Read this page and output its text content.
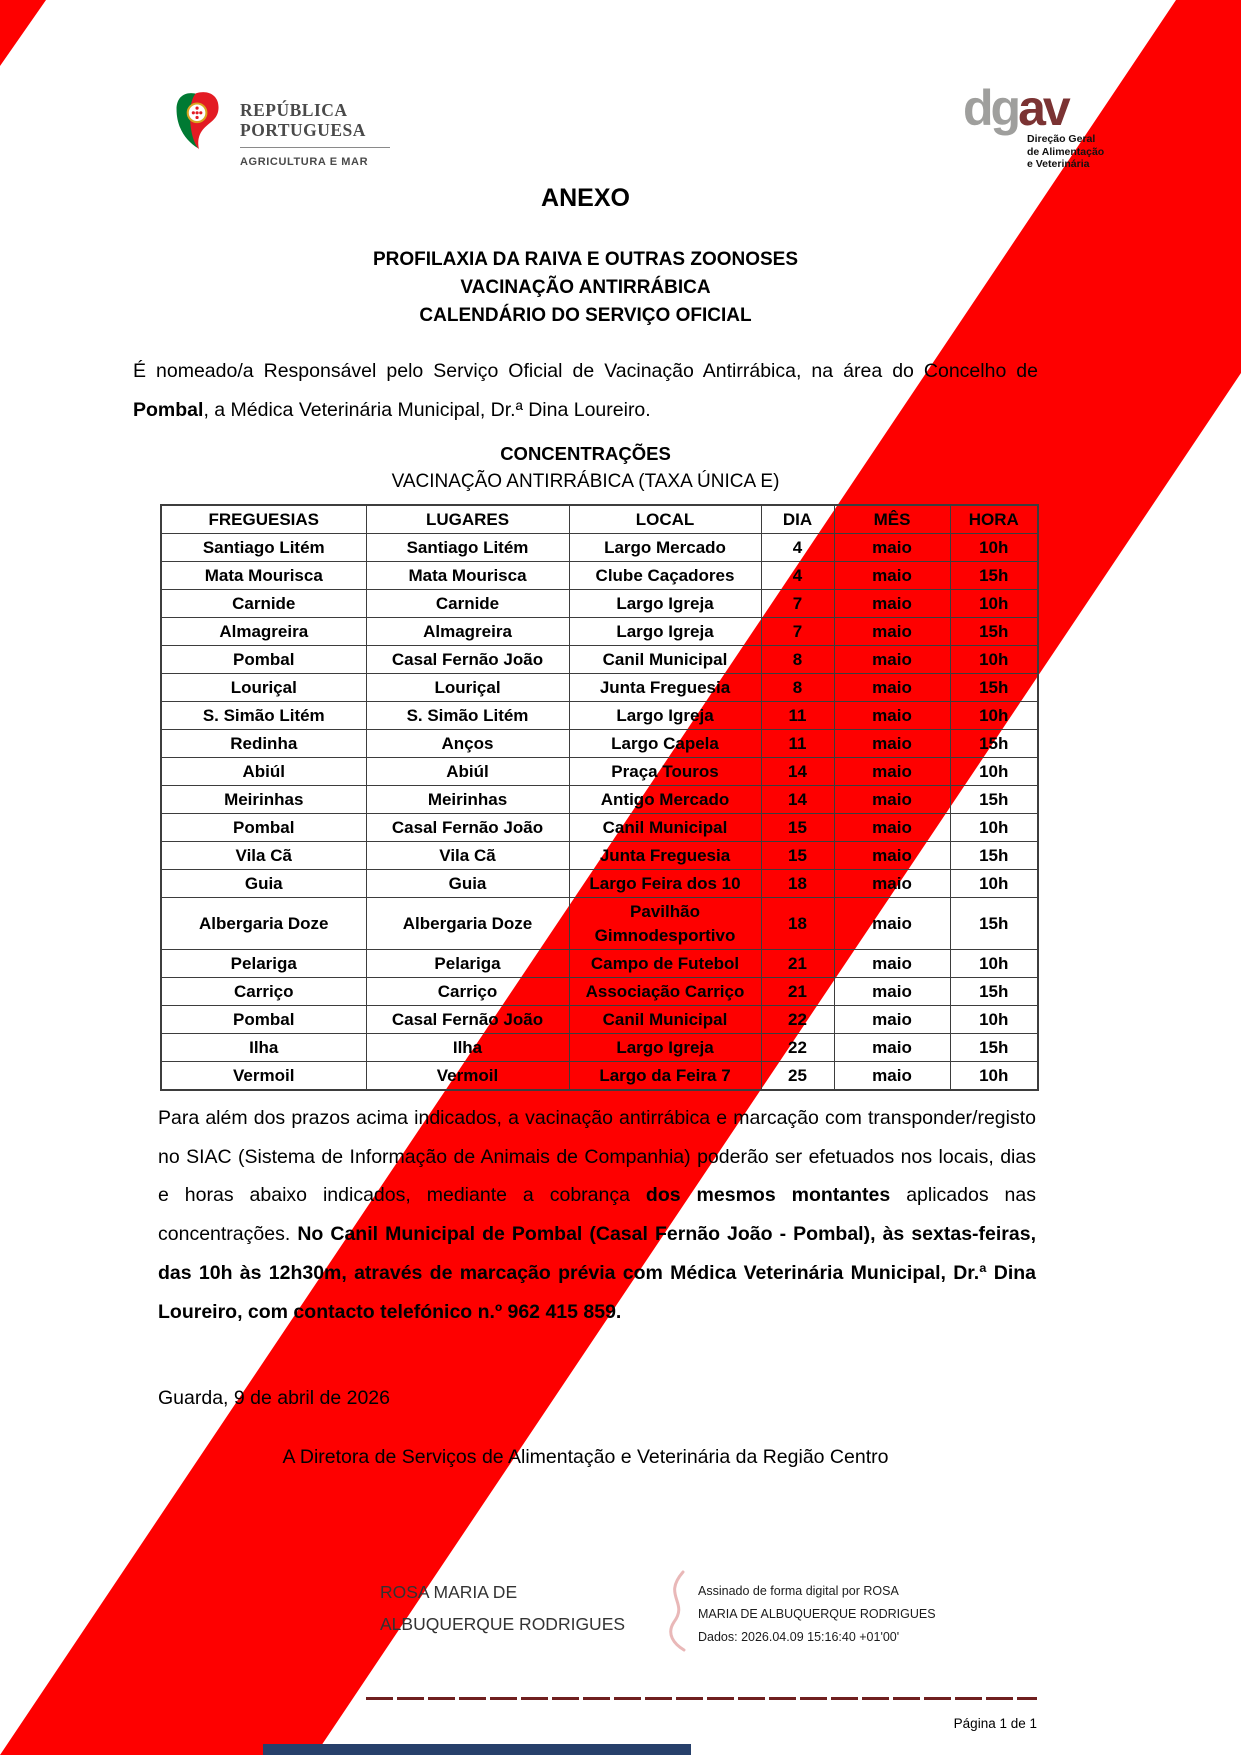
REPÚBLICA
PORTUGUESA
AGRICULTURA E MAR
dgav
Direção Geral
de Alimentação
e Veterinária
ANEXO
PROFILAXIA DA RAIVA E OUTRAS ZOONOSES
VACINAÇÃO ANTIRRÁBICA
CALENDÁRIO DO SERVIÇO OFICIAL

É nomeado/a Responsável pelo Serviço Oficial de Vacinação Antirrábica, na área do Concelho de Pombal, a Médica Veterinária Municipal, Dr.ª Dina Loureiro.

CONCENTRAÇÕES
VACINAÇÃO ANTIRRÁBICA (TAXA ÚNICA E)
FREGUESIAS	LUGARES	LOCAL	DIA	MÊS	HORA
Santiago Litém	Santiago Litém	Largo Mercado	4	maio	10h
Mata Mourisca	Mata Mourisca	Clube Caçadores	4	maio	15h
Carnide	Carnide	Largo Igreja	7	maio	10h
Almagreira	Almagreira	Largo Igreja	7	maio	15h
Pombal	Casal Fernão João	Canil Municipal	8	maio	10h
Louriçal	Louriçal	Junta Freguesia	8	maio	15h
S. Simão Litém	S. Simão Litém	Largo Igreja	11	maio	10h
Redinha	Anços	Largo Capela	11	maio	15h
Abiúl	Abiúl	Praça Touros	14	maio	10h
Meirinhas	Meirinhas	Antigo Mercado	14	maio	15h
Pombal	Casal Fernão João	Canil Municipal	15	maio	10h
Vila Cã	Vila Cã	Junta Freguesia	15	maio	15h
Guia	Guia	Largo Feira dos 10	18	maio	10h
Albergaria Doze	Albergaria Doze	Pavilhão Gimnodesportivo	18	maio	15h
Pelariga	Pelariga	Campo de Futebol	21	maio	10h
Carriço	Carriço	Associação Carriço	21	maio	15h
Pombal	Casal Fernão João	Canil Municipal	22	maio	10h
Ilha	Ilha	Largo Igreja	22	maio	15h
Vermoil	Vermoil	Largo da Feira 7	25	maio	10h

Para além dos prazos acima indicados, a vacinação antirrábica e marcação com transponder/registo no SIAC (Sistema de Informação de Animais de Companhia) poderão ser efetuados nos locais, dias e horas abaixo indicados, mediante a cobrança dos mesmos montantes aplicados nas concentrações. No Canil Municipal de Pombal (Casal Fernão João - Pombal), às sextas-feiras, das 10h às 12h30m, através de marcação prévia com Médica Veterinária Municipal, Dr.ª Dina Loureiro, com contacto telefónico n.º 962 415 859.

Guarda, 9 de abril de 2026
A Diretora de Serviços de Alimentação e Veterinária da Região Centro
ROSA MARIA DE
ALBUQUERQUE RODRIGUES
Assinado de forma digital por ROSA
MARIA DE ALBUQUERQUE RODRIGUES
Dados: 2026.04.09 15:16:40 +01'00'
Página 1 de 1
